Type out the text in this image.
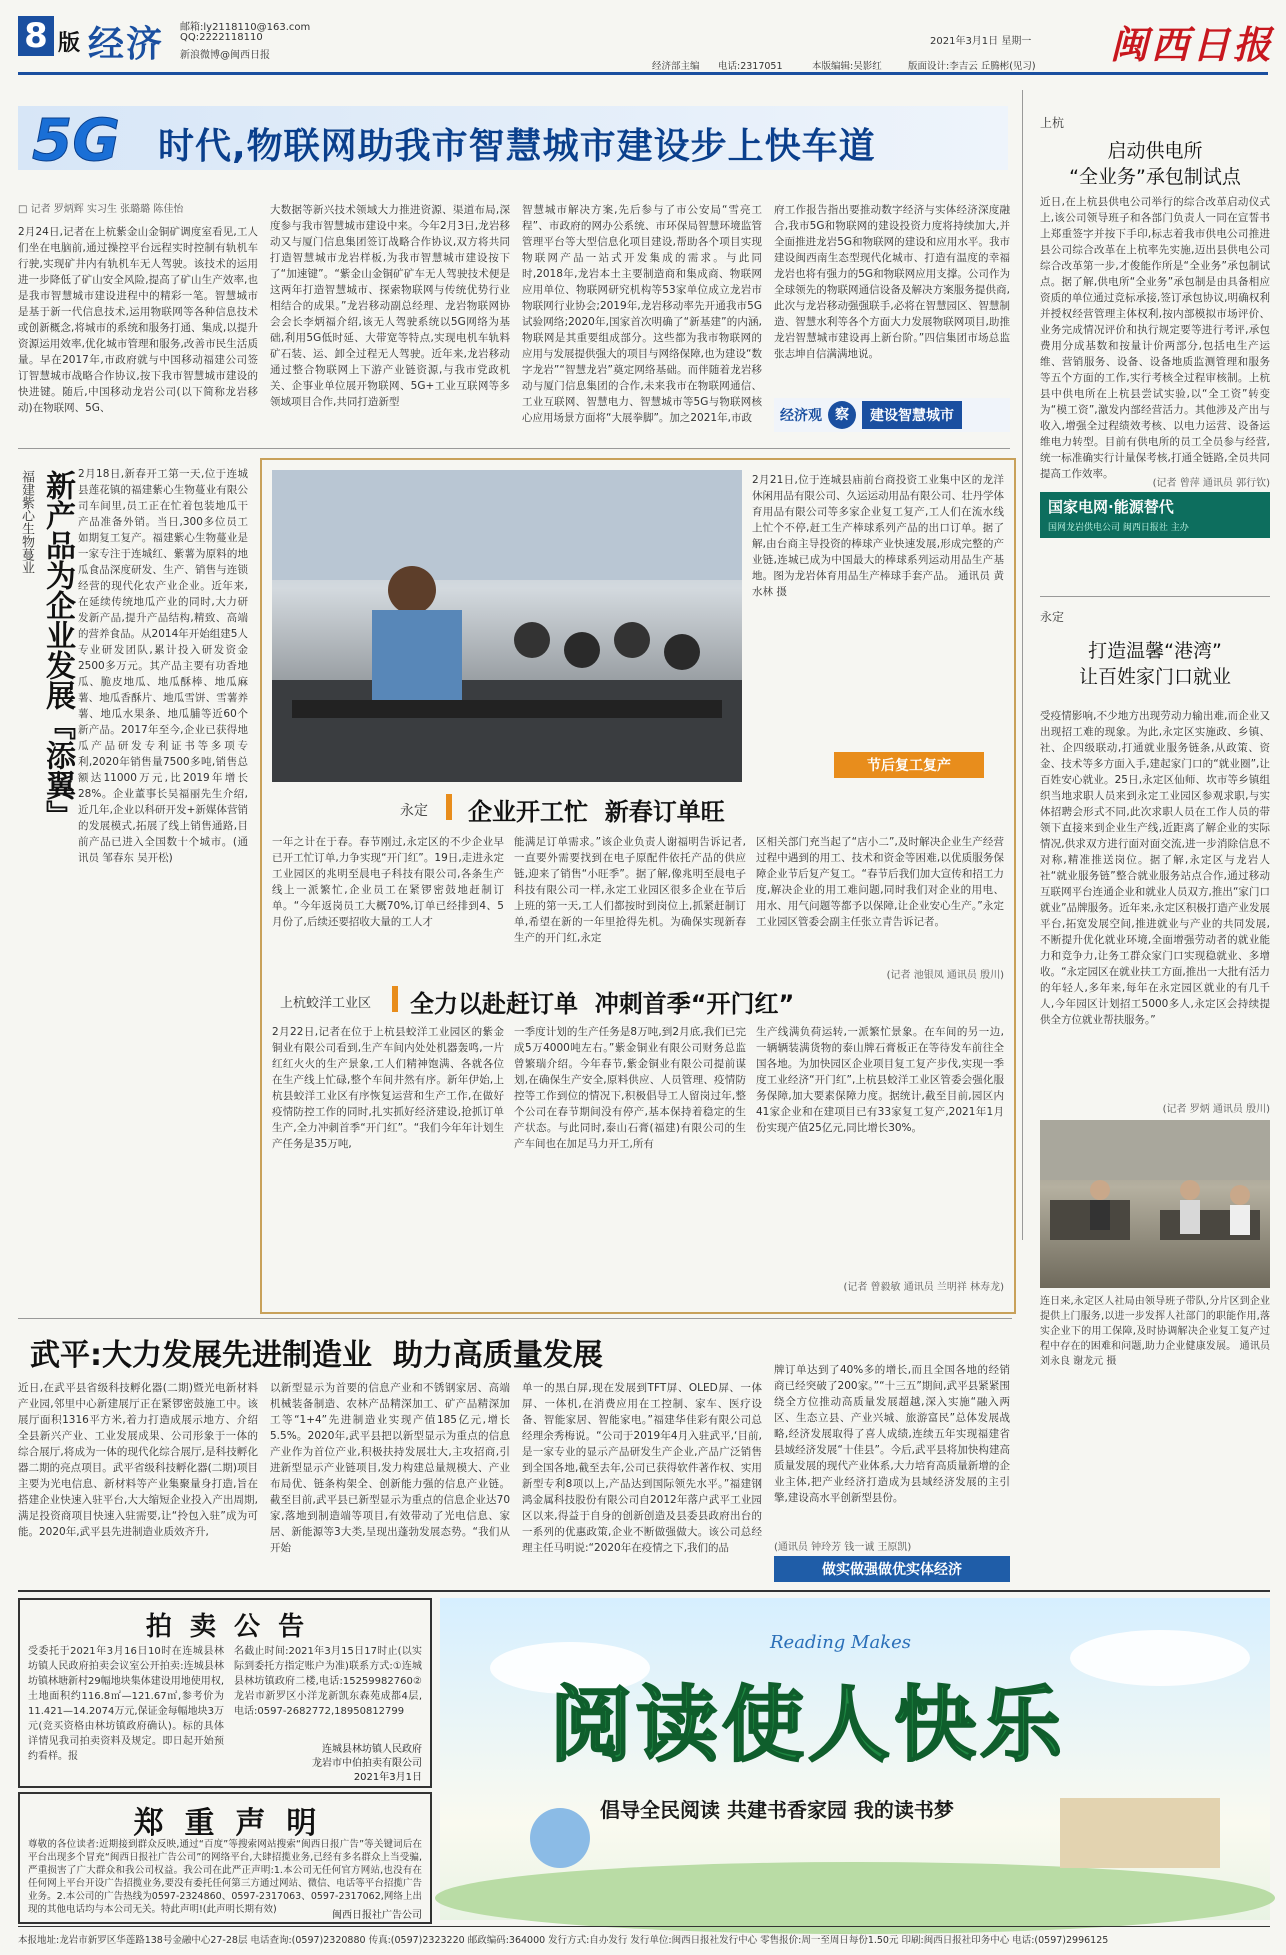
8 版 经济 邮箱:ly2118110@163.com
QQ:2222118110
新浪微博@闽西日报
2021年3月1日 星期一
经济部主编 电话:2317051	本版编辑:吴影红	版面设计:李吉云 丘腾彬(见习) 闽西日报
5G 时代,物联网助我市智慧城市建设步上快车道
□ 记者 罗炳辉 实习生 张璐璐 陈佳怡
2月24日,记者在上杭紫金山金铜矿调度室看见,工人们坐在电脑前,通过操控平台远程实时控制有轨机车行驶,实现矿井内有轨机车无人驾驶。该技术的运用进一步降低了矿山安全风险,提高了矿山生产效率,也是我市智慧城市建设进程中的精彩一笔。智慧城市是基于新一代信息技术,运用物联网等各种信息技术或创新概念,将城市的系统和服务打通、集成,以提升资源运用效率,优化城市管理和服务,改善市民生活质量。早在2017年,市政府就与中国移动福建公司签订智慧城市战略合作协议,按下我市智慧城市建设的快进键。随后,中国移动龙岩公司(以下简称龙岩移动)在物联网、5G、
大数据等新兴技术领域大力推进资源、渠道布局,深度参与我市智慧城市建设中来。今年2月3日,龙岩移动又与厦门信息集团签订战略合作协议,双方将共同打造智慧城市龙岩样板,为我市智慧城市建设按下了“加速键”。“紫金山金铜矿矿车无人驾驶技术便是这两年打造智慧城市、探索物联网与传统优势行业相结合的成果。”龙岩移动副总经理、龙岩物联网协会会长李炳福介绍,该无人驾驶系统以5G网络为基础,利用5G低时延、大带宽等特点,实现电机车轨料矿石装、运、卸全过程无人驾驶。近年来,龙岩移动通过整合物联网上下游产业链资源,与我市党政机关、企事业单位展开物联网、5G+工业互联网等多领域项目合作,共同打造新型
智慧城市解决方案,先后参与了市公安局“雪亮工程”、市政府的网办公系统、市环保局智慧环境监管管理平台等大型信息化项目建设,帮助各个项目实现物联网产品一站式开发集成的需求。与此同时,2018年,龙岩本土主要制造商和集成商、物联网应用单位、物联网研究机构等53家单位成立龙岩市物联网行业协会;2019年,龙岩移动率先开通我市5G试验网络;2020年,国家首次明确了“新基建”的内涵,物联网是其重要组成部分。这些都为我市物联网的应用与发展提供强大的项目与网络保障,也为建设“数字龙岩”“智慧龙岩”奠定网络基础。而伴随着龙岩移动与厦门信息集团的合作,未来我市在物联网通信、工业互联网、智慧电力、智慧城市等5G与物联网核心应用场景方面将“大展拳脚”。加之2021年,市政
府工作报告指出要推动数字经济与实体经济深度融合,我市5G和物联网的建设投资力度将持续加大,并全面推进龙岩5G和物联网的建设和应用水平。我市建设闽西南生态型现代化城市、打造有温度的幸福龙岩也将有强力的5G和物联网应用支撑。公司作为全球领先的物联网通信设备及解决方案服务提供商,此次与龙岩移动强强联手,必将在智慧园区、智慧制造、智慧水利等各个方面大力发展物联网项目,助推龙岩智慧城市建设再上新台阶。”四信集团市场总监张志坤自信满满地说。
经济观 察	建设智慧城市
上杭
启动供电所
“全业务”承包制试点
近日,在上杭县供电公司举行的综合改革启动仪式上,该公司领导班子和各部门负责人一同在宣誓书上郑重签字并按下手印,标志着我市供电公司推进县公司综合改革在上杭率先实施,迈出县供电公司综合改革第一步,才俊能作所是“全业务”承包制试点。据了解,供电所“全业务”承包制是由具备相应资质的单位通过竞标承接,签订承包协议,明确权利并授权经营管理主体权利,按内部模拟市场评价、业务完成情况评价和执行规定要等进行考评,承包费用分成基数和按量计价两部分,包括电生产运维、营销服务、设备、设备地质监测管理和服务等五个方面的工作,实行考核全过程审核制。上杭县中供电所在上杭县尝试实验,以“全工资”转变为“模工资”,激发内部经营活力。其他涉及产出与收入,增强全过程绩效考核、以电力运营、设备运维电力转型。目前有供电所的员工全员参与经营,统一标准确实行计量保考核,打通全链路,全员共同提高工作效率。
(记者 曾萍 通讯员 郭行钦)
国家电网·能源替代
国网龙岩供电公司 闽西日报社 主办
永定
打造温馨“港湾”
让百姓家门口就业
受疫情影响,不少地方出现劳动力输出难,而企业又出现招工难的现象。为此,永定区实施政、乡镇、社、企四级联动,打通就业服务链条,从政策、资金、技术等多方面入手,建起家门口的“就业圈”,让百姓安心就业。25日,永定区仙师、坎市等乡镇组织当地求职人员来到永定工业园区参观求职,与实体招聘会形式不同,此次求职人员在工作人员的带领下直接来到企业生产线,近距离了解企业的实际情况,供求双方进行面对面交流,进一步消除信息不对称,精准推送岗位。据了解,永定区与龙岩人社“就业服务链”整合就业服务站点合作,通过移动互联网平台连通企业和就业人员双方,推出“家门口就业”品牌服务。近年来,永定区积极打造产业发展平台,拓宽发展空间,推进就业与产业的共同发展,不断提升优化就业环境,全面增强劳动者的就业能力和竞争力,让务工群众家门口实现稳就业、多增收。“永定园区在就业扶工方面,推出一大批有活力的年轻人,多年来,每年在永定园区就业的有几千人,今年园区计划招工5000多人,永定区会持续提供全方位就业帮扶服务。”
(记者 罗炳 通讯员 殷川)
连日来,永定区人社局由领导班子带队,分片区到企业提供上门服务,以进一步发挥人社部门的职能作用,落实企业下的用工保障,及时协调解决企业复工复产过程中存在的困难和问题,助力企业健康发展。 通讯员 刘永良 谢龙元 摄
福建紫心生物蔓业 新产品为企业发展『添翼』 2月18日,新春开工第一天,位于连城县莲花镇的福建紫心生物蔓业有限公司车间里,员工正在忙着包装地瓜干产品准备外销。当日,300多位员工如期复工复产。福建紫心生物蔓业是一家专注于连城红、紫薯为原料的地瓜食品深度研发、生产、销售与连锁经营的现代化农产业企业。近年来,在延续传统地瓜产业的同时,大力研发新产品,提升产品结构,精致、高端的营养食品。从2014年开始组建5人专业研发团队,累计投入研发资金2500多万元。其产品主要有功香地瓜、脆皮地瓜、地瓜酥棒、地瓜麻薯、地瓜香酥片、地瓜雪饼、雪薯养薯、地瓜水果条、地瓜脯等近60个新产品。2017年至今,企业已获得地瓜产品研发专利证书等多项专利,2020年销售量7500多吨,销售总额达11000万元,比2019年增长28%。企业董事长吴福丽先生介绍,近几年,企业以科研开发+新媒体营销的发展模式,拓展了线上销售通路,目前产品已进入全国数十个城市。(通讯员 邹春东 吴开松)
2月21日,位于连城县庙前台商投资工业集中区的龙洋休闲用品有限公司、久运运动用品有限公司、壮丹学体育用品有限公司等多家企业复工复产,工人们在流水线上忙个不停,赶工生产棒球系列产品的出口订单。据了解,由台商主导投资的棒球产业快速发展,形成完整的产业链,连城已成为中国最大的棒球系列运动用品生产基地。图为龙岩体育用品生产棒球手套产品。 通讯员 黄水林 摄
节后复工复产
永定 企业开工忙  新春订单旺
一年之计在于春。春节刚过,永定区的不少企业早已开工忙订单,力争实现“开门红”。19日,走进永定工业园区的兆明至晨电子科技有限公司,各条生产线上一派繁忙,企业员工在紧锣密鼓地赶制订单。“今年返岗员工大概70%,订单已经排到4、5月份了,后续还要招收大量的工人才
能满足订单需求。”该企业负责人谢福明告诉记者,一直要外需要找到在电子原配件依托产品的供应链,迎来了销售“小旺季”。据了解,像兆明至晨电子科技有限公司一样,永定工业园区很多企业在节后上班的第一天,工人们都按时到岗位上,抓紧赶制订单,希望在新的一年里抢得先机。为确保实现新春生产的开门红,永定
区相关部门充当起了“店小二”,及时解决企业生产经营过程中遇到的用工、技术和资金等困难,以优质服务保障企业节后复产复工。“春节后我们加大宣传和招工力度,解决企业的用工难问题,同时我们对企业的用电、用水、用气问题等都予以保障,让企业安心生产。”永定工业园区管委会副主任张立青告诉记者。
(记者 池银凤 通讯员 殷川)
上杭蛟洋工业区 全力以赴赶订单  冲刺首季“开门红”
2月22日,记者在位于上杭县蛟洋工业园区的紫金铜业有限公司看到,生产车间内处处机器轰鸣,一片红红火火的生产景象,工人们精神饱满、各就各位在生产线上忙碌,整个车间井然有序。新年伊始,上杭县蛟洋工业区有序恢复运营和生产工作,在做好疫情防控工作的同时,扎实抓好经济建设,抢抓订单生产,全力冲刺首季“开门红”。“我们今年年计划生产任务是35万吨,
一季度计划的生产任务是8万吨,到2月底,我们已完成5万4000吨左右。”紫金铜业有限公司财务总监曾繁瑞介绍。今年春节,紫金铜业有限公司提前谋划,在确保生产安全,原料供应、人员管理、疫情防控等工作到位的情况下,积极倡导工人留岗过年,整个公司在春节期间没有停产,基本保持着稳定的生产状态。与此同时,泰山石膏(福建)有限公司的生产车间也在加足马力开工,所有
生产线满负荷运转,一派繁忙景象。在车间的另一边,一辆辆装满货物的泰山牌石膏板正在等待发车前往全国各地。为加快园区企业项目复工复产步伐,实现一季度工业经济“开门红”,上杭县蛟洋工业区管委会强化服务保障,加大要素保障力度。据统计,截至目前,园区内41家企业和在建项目已有33家复工复产,2021年1月份实现产值25亿元,同比增长30%。
(记者 曾毅敏 通讯员 兰明祥 林寿龙)
武平:大力发展先进制造业  助力高质量发展
近日,在武平县省级科技孵化器(二期)暨光电新材料产业园,邻里中心新建展厅正在紧锣密鼓施工中。该展厅面积1316平方米,着力打造成展示地方、介绍全县新兴产业、工业发展成果、公司形象于一体的综合展厅,将成为一体的现代化综合展厅,是科技孵化器二期的亮点项目。武平省级科技孵化器(二期)项目主要为光电信息、新材料等产业集聚量身打造,旨在搭建企业快速入驻平台,大大缩短企业投入产出周期,满足投资商项目快速入驻需要,让“拎包入驻”成为可能。2020年,武平县先进制造业质效齐升,
以新型显示为首要的信息产业和不锈钢家居、高端机械装备制造、农林产品精深加工、矿产品精深加工等“1+4”先进制造业实现产值185亿元,增长5.5%。2020年,武平县把以新型显示为重点的信息产业作为首位产业,积极扶持发展壮大,主攻招商,引进新型显示产业链项目,发力构建总量规模大、产业布局优、链条构架全、创新能力强的信息产业链。截至目前,武平县已新型显示为重点的信息企业达70家,落地到制造端等项目,有效带动了光电信息、家居、新能源等3大类,呈现出蓬勃发展态势。“我们从开始
单一的黑白屏,现在发展到TFT屏、OLED屏、一体屏、一体机,在消费应用在工控制、家车、医疗设备、智能家居、智能家电。”福建华佳彩有限公司总经理余秀梅说。“公司于2019年4月入驻武平,‘目前,是一家专业的显示产品研发生产企业,产品广泛销售到全国各地,截至去年,公司已获得软件著作权、实用新型专利8项以上,产品达到国际领先水平。”福建钢鸿金属科技股份有限公司自2012年落户武平工业园区以来,得益于自身的创新创造及县委县政府出台的一系列的优惠政策,企业不断做强做大。该公司总经理主任马明说:“2020年在疫情之下,我们的品
牌订单达到了40%多的增长,而且全国各地的经销商已经突破了200家。”“十三五”期间,武平县紧紧围绕全方位推动高质量发展超越,深入实施“融入两区、生态立县、产业兴城、旅游富民”总体发展战略,经济发展取得了喜人成绩,连续五年实现福建省县域经济发展“十佳县”。今后,武平县将加快构建高质量发展的现代产业体系,大力培育高质量新增的企业主体,把产业经济打造成为县域经济发展的主引擎,建设高水平创新型县份。
(通讯员 钟玲芳 钱一诚 王原凯)
做实做强做优实体经济
拍  卖  公  告
受委托于2021年3月16日10时在连城县林坊镇人民政府拍卖会议室公开拍卖:连城县林坊镇林塘新村29幅地块集体建设用地使用权,土地面积约116.8㎡—121.67㎡,参考价为11.421—14.2074万元,保证金每幅地块3万元(竞买资格由林坊镇政府确认)。标的具体详情见我司拍卖资料及规定。即日起开始预约看样。报
名截止时间:2021年3月15日17时止(以实际到委托方指定账户为准)联系方式:①连城县林坊镇政府二楼,电话:15259982760②龙岩市新罗区小洋龙新凯东森苑成都4层,电话:0597-2682772,18950812799
连城县林坊镇人民政府
龙岩市中伯拍卖有限公司
2021年3月1日
郑  重  声  明
尊敬的各位读者:近期接到群众反映,通过“百度”等搜索网站搜索“闽西日报广告”等关键词后在平台出现多个冒充“闽西日报社广告公司”的网络平台,大肆招揽业务,已经有多名群众上当受骗,严重损害了广大群众和我公司权益。我公司在此严正声明:1.本公司无任何官方网站,也没有在任何网上平台开设广告招揽业务,要没有委托任何第三方通过网站、微信、电话等平台招揽广告业务。2.本公司的广告热线为0597-2324860、0597-2317063、0597-2317062,网络上出现的其他电话均与本公司无关。特此声明!(此声明长期有效)
闽西日报社广告公司
Reading Makes
阅读使人快乐
倡导全民阅读 共建书香家园 我的读书梦
本报地址:龙岩市新罗区华莲路138号金融中心27-28层 电话查询:(0597)2320880 传真:(0597)2323220 邮政编码:364000 发行方式:自办发行 发行单位:闽西日报社发行中心 零售报价:周一至周日每份1.50元 印刷:闽西日报社印务中心 电话:(0597)2996125
